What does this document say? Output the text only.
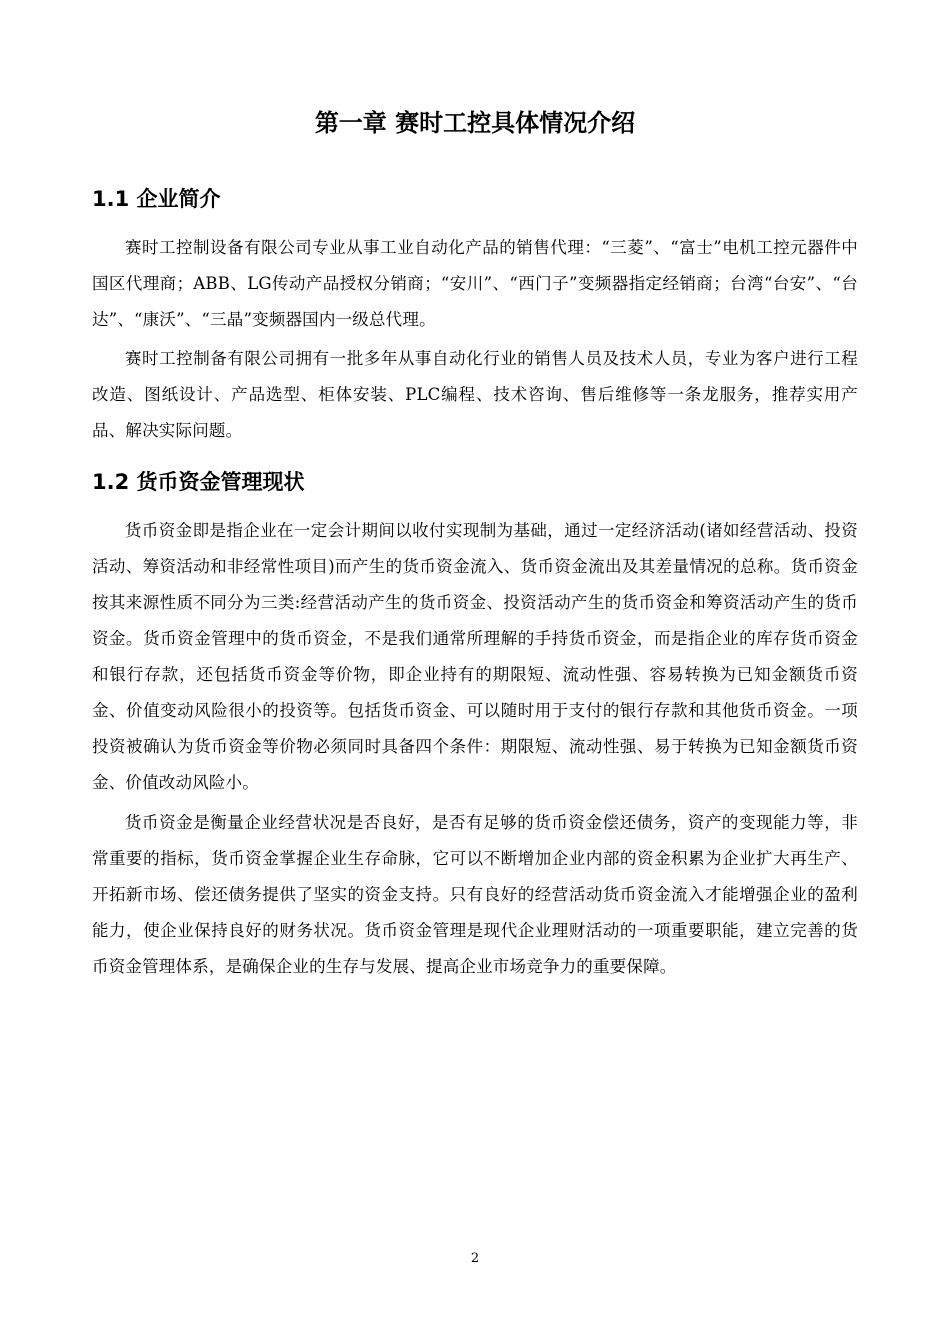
第一章 赛时工控具体情况介绍
1.1 企业简介

赛时工控制设备有限公司专业从事工业自动化产品的销售代理：“三菱”、“富士”电机工控元器件中国区代理商；ABB、LG传动产品授权分销商；“安川”、“西门子”变频器指定经销商；台湾“台安”、“台达”、“康沃”、“三晶”变频器国内一级总代理。

赛时工控制备有限公司拥有一批多年从事自动化行业的销售人员及技术人员，专业为客户进行工程改造、图纸设计、产品选型、柜体安装、PLC编程、技术咨询、售后维修等一条龙服务，推荐实用产品、解决实际问题。

1.2 货币资金管理现状

货币资金即是指企业在一定会计期间以收付实现制为基础，通过一定经济活动(诸如经营活动、投资活动、筹资活动和非经常性项目)而产生的货币资金流入、货币资金流出及其差量情况的总称。货币资金按其来源性质不同分为三类:经营活动产生的货币资金、投资活动产生的货币资金和筹资活动产生的货币资金。货币资金管理中的货币资金，不是我们通常所理解的手持货币资金，而是指企业的库存货币资金和银行存款，还包括货币资金等价物，即企业持有的期限短、流动性强、容易转换为已知金额货币资金、价值变动风险很小的投资等。包括货币资金、可以随时用于支付的银行存款和其他货币资金。一项投资被确认为货币资金等价物必须同时具备四个条件：期限短、流动性强、易于转换为已知金额货币资金、价值改动风险小。

货币资金是衡量企业经营状况是否良好，是否有足够的货币资金偿还债务，资产的变现能力等，非常重要的指标，货币资金掌握企业生存命脉，它可以不断增加企业内部的资金积累为企业扩大再生产、开拓新市场、偿还债务提供了坚实的资金支持。只有良好的经营活动货币资金流入才能增强企业的盈利能力，使企业保持良好的财务状况。货币资金管理是现代企业理财活动的一项重要职能，建立完善的货币资金管理体系，是确保企业的生存与发展、提高企业市场竞争力的重要保障。

2
